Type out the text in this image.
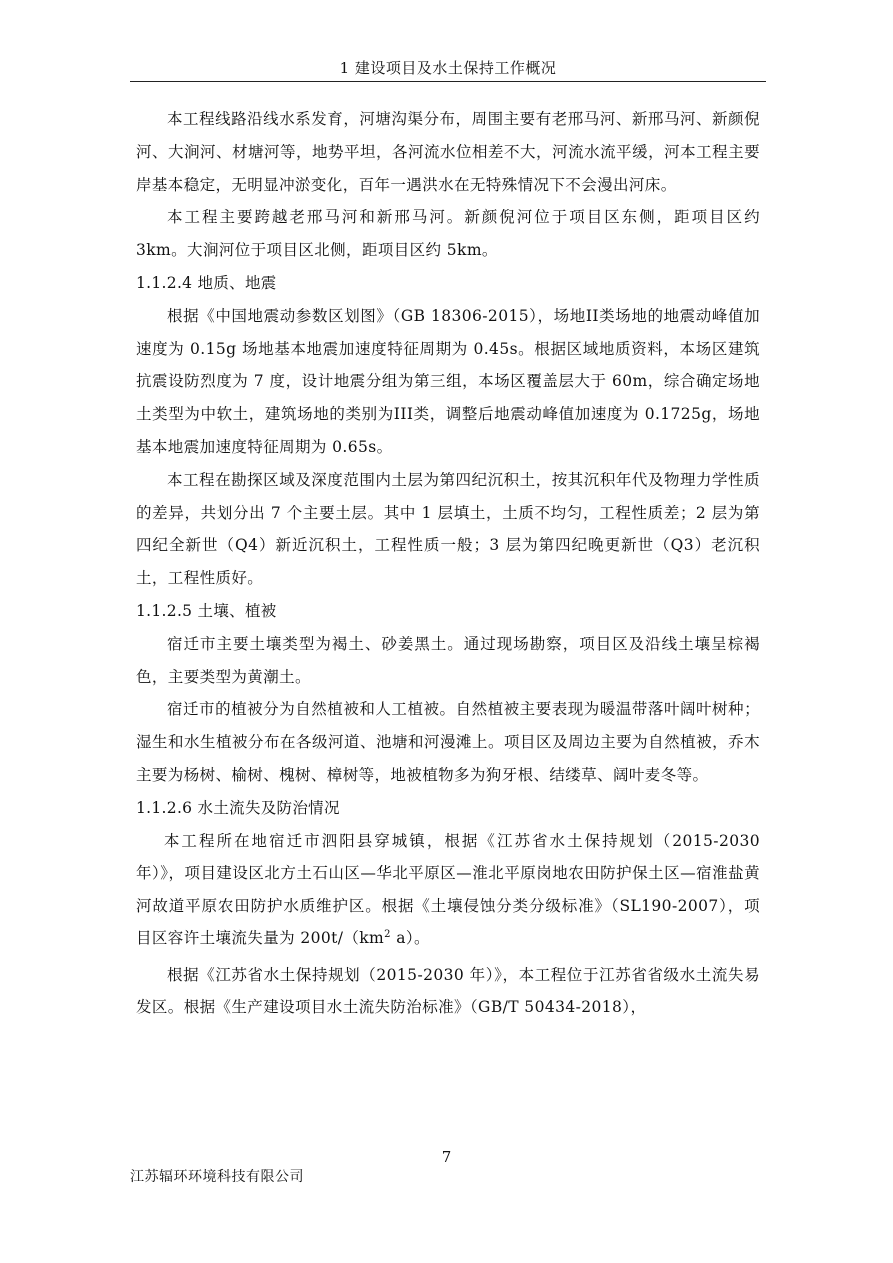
1 建设项目及水土保持工作概况

本工程线路沿线水系发育，河塘沟渠分布，周围主要有老邢马河、新邢马河、新颜倪河、大涧河、材塘河等，地势平坦，各河流水位相差不大，河流水流平缓，河本工程主要岸基本稳定，无明显冲淤变化，百年一遇洪水在无特殊情况下不会漫出河床。

本工程主要跨越老邢马河和新邢马河。新颜倪河位于项目区东侧，距项目区约 3km。大涧河位于项目区北侧，距项目区约 5km。

1.1.2.4 地质、地震

根据《中国地震动参数区划图》（GB 18306-2015），场地II类场地的地震动峰值加速度为 0.15g 场地基本地震加速度特征周期为 0.45s。根据区域地质资料，本场区建筑抗震设防烈度为 7 度，设计地震分组为第三组，本场区覆盖层大于 60m，综合确定场地土类型为中软土，建筑场地的类别为III类，调整后地震动峰值加速度为 0.1725g，场地基本地震加速度特征周期为 0.65s。

本工程在勘探区域及深度范围内土层为第四纪沉积土，按其沉积年代及物理力学性质的差异，共划分出 7 个主要土层。其中 1 层填土，土质不均匀，工程性质差；2 层为第四纪全新世（Q4）新近沉积土，工程性质一般；3 层为第四纪晚更新世（Q3）老沉积土，工程性质好。

1.1.2.5 土壤、植被

宿迁市主要土壤类型为褐土、砂姜黑土。通过现场勘察，项目区及沿线土壤呈棕褐色，主要类型为黄潮土。

宿迁市的植被分为自然植被和人工植被。自然植被主要表现为暖温带落叶阔叶树种；湿生和水生植被分布在各级河道、池塘和河漫滩上。项目区及周边主要为自然植被，乔木主要为杨树、榆树、槐树、樟树等，地被植物多为狗牙根、结缕草、阔叶麦冬等。

1.1.2.6 水土流失及防治情况

本工程所在地宿迁市泗阳县穿城镇，根据《江苏省水土保持规划（2015-2030 年）》，项目建设区北方土石山区—华北平原区—淮北平原岗地农田防护保土区—宿淮盐黄河故道平原农田防护水质维护区。根据《土壤侵蚀分类分级标准》（SL190-2007），项目区容许土壤流失量为 $200t/(km^2$ a）。

根据《江苏省水土保持规划（2015-2030 年）》，本工程位于江苏省省级水土流失易发区。根据《生产建设项目水土流失防治标准》（GB/T 50434-2018），

7
江苏辐环环境科技有限公司
